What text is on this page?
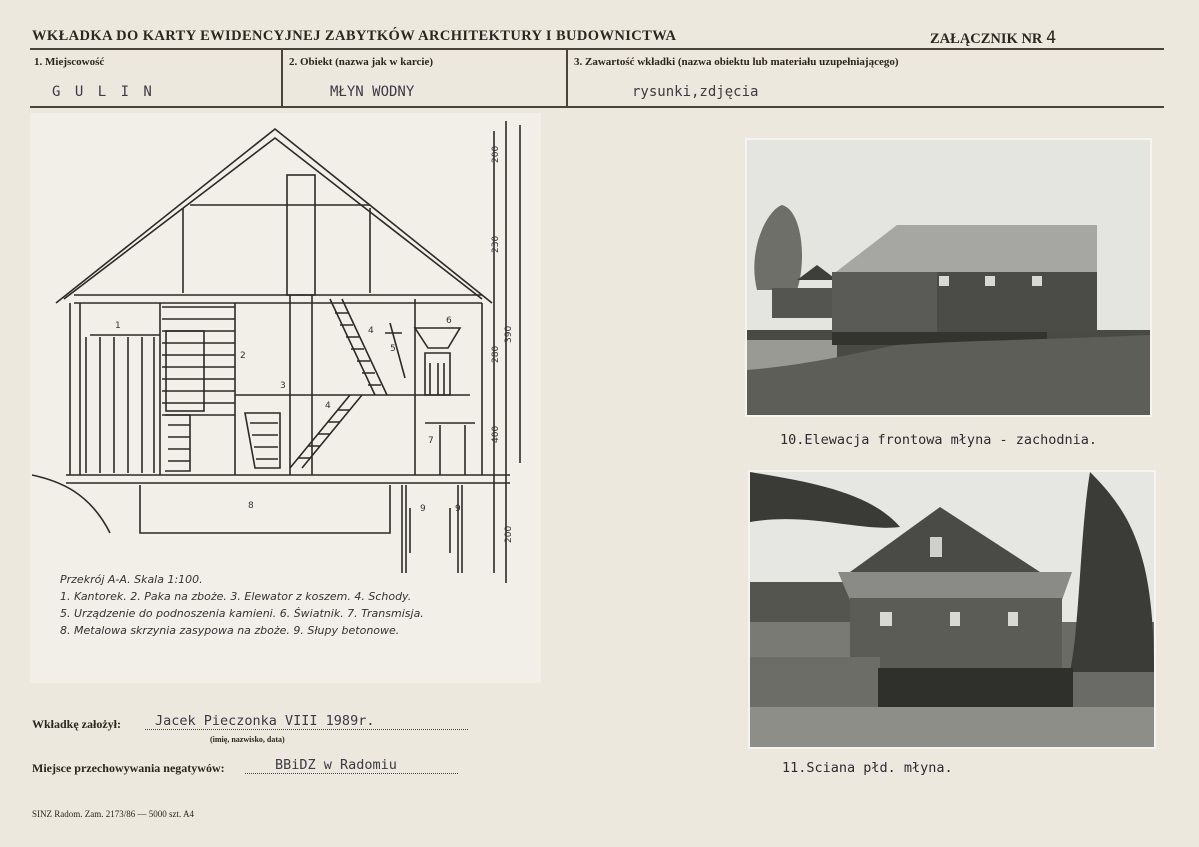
WKŁADKA DO KARTY EWIDENCYJNEJ ZABYTKÓW ARCHITEKTURY I BUDOWNICTWA	ZAŁĄCZNIK NR 4
1. Miejscowość
G U L I N
2. Obiekt (nazwa jak w karcie)
MŁYN WODNY
3. Zawartość wkładki (nazwa obiektu lub materiału uzupełniającego)
rysunki,zdjęcia
200
230
280
400
390
200
1
2
3
4
5
6
7
8	9
4
9
Przekrój A-A. Skala 1:100.
1. Kantorek. 2. Paka na zboże. 3. Elewator z koszem. 4. Schody.
5. Urządzenie do podnoszenia kamieni. 6. Światnik. 7. Transmisja.
8. Metalowa skrzynia zasypowa na zboże. 9. Słupy betonowe.
10.Elewacja frontowa młyna - zachodnia.
11.Sciana płd. młyna.
Wkładkę założył:	Jacek Pieczonka VIII 1989r.
(imię, nazwisko, data)
Miejsce przechowywania negatywów:	BBiDZ w Radomiu
SINZ Radom. Zam. 2173/86 — 5000 szt. A4
